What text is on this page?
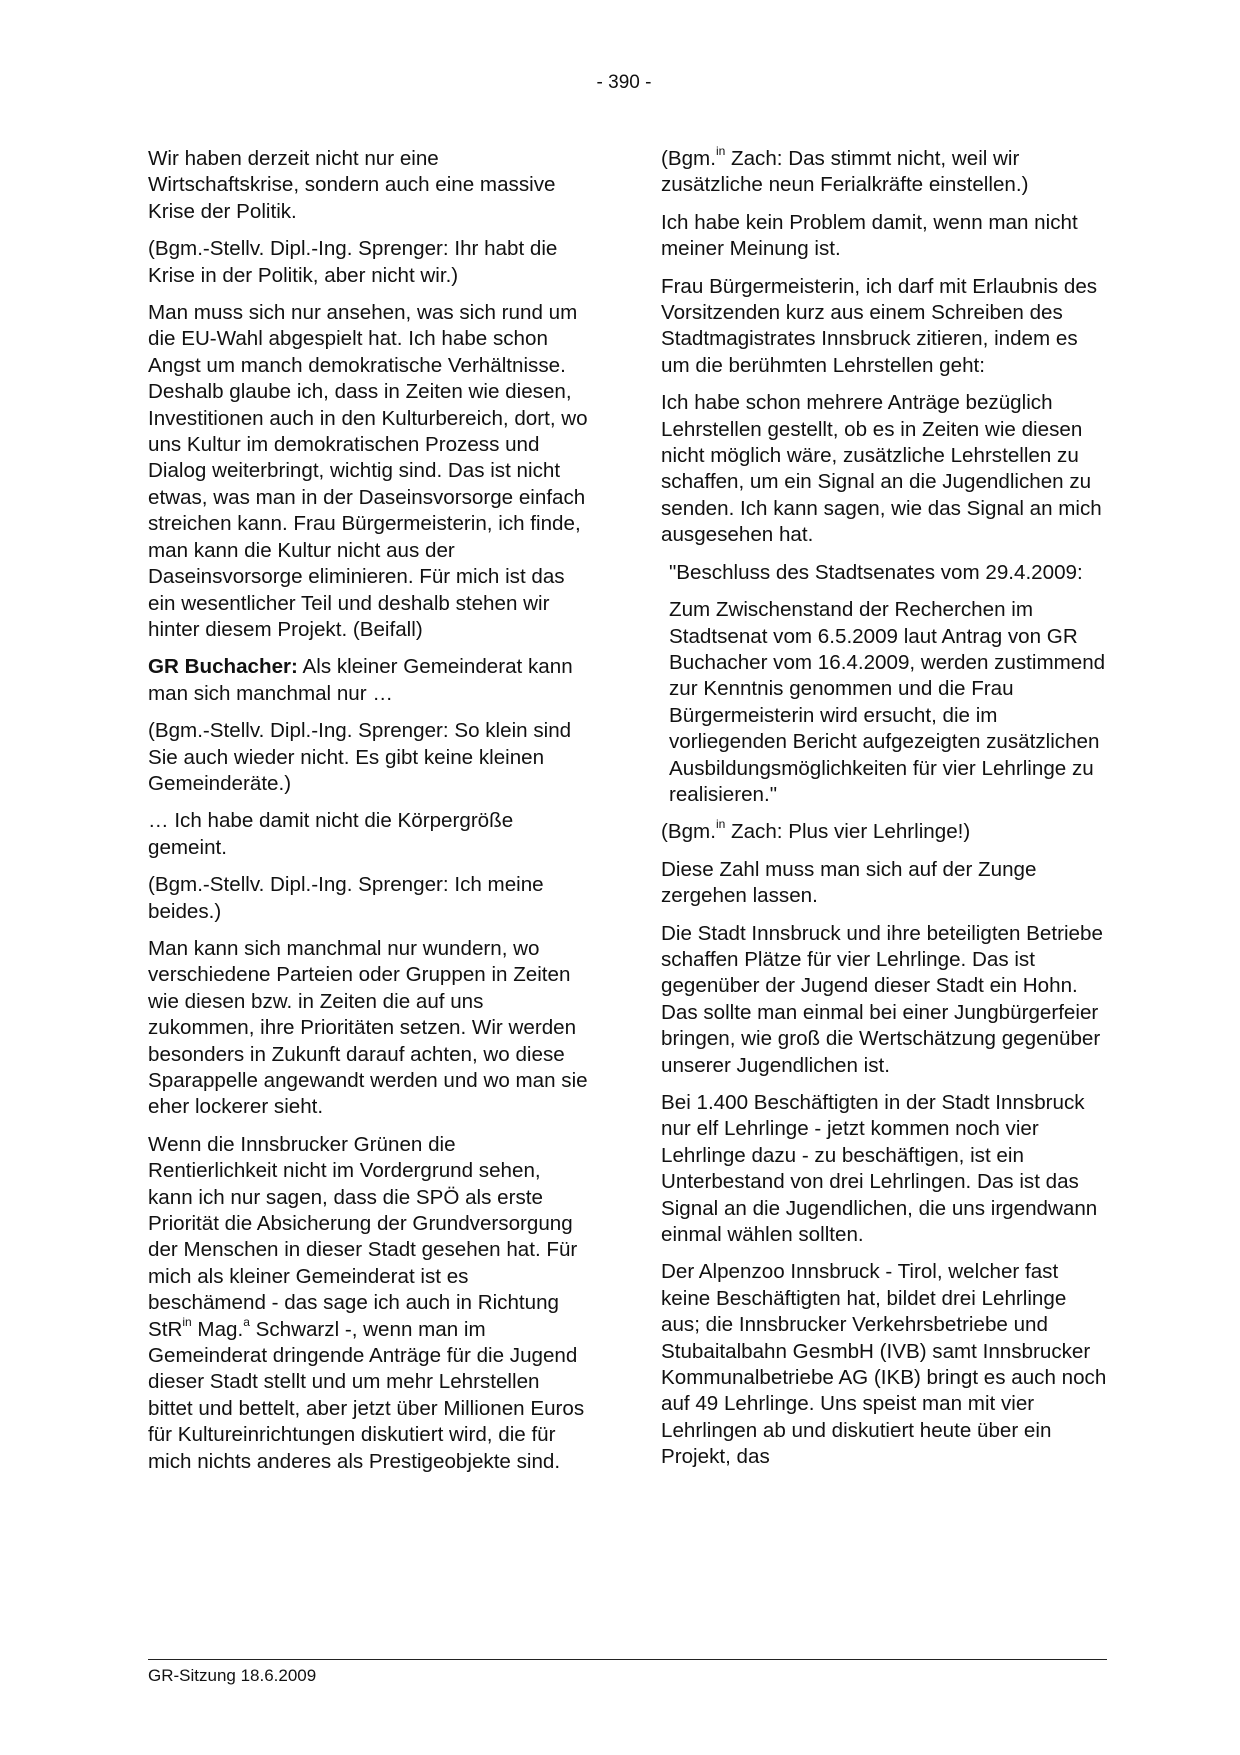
- 390 -

Wir haben derzeit nicht nur eine Wirtschaftskrise, sondern auch eine massive Krise der Politik.

(Bgm.-Stellv. Dipl.-Ing. Sprenger: Ihr habt die Krise in der Politik, aber nicht wir.)

Man muss sich nur ansehen, was sich rund um die EU-Wahl abgespielt hat. Ich habe schon Angst um manch demokratische Verhältnisse. Deshalb glaube ich, dass in Zeiten wie diesen, Investitionen auch in den Kulturbereich, dort, wo uns Kultur im demokratischen Prozess und Dialog weiterbringt, wichtig sind. Das ist nicht etwas, was man in der Daseinsvorsorge einfach streichen kann. Frau Bürgermeisterin, ich finde, man kann die Kultur nicht aus der Daseinsvorsorge eliminieren. Für mich ist das ein wesentlicher Teil und deshalb stehen wir hinter diesem Projekt. (Beifall)

GR Buchacher: Als kleiner Gemeinderat kann man sich manchmal nur …

(Bgm.-Stellv. Dipl.-Ing. Sprenger: So klein sind Sie auch wieder nicht. Es gibt keine kleinen Gemeinderäte.)

… Ich habe damit nicht die Körpergröße gemeint.

(Bgm.-Stellv. Dipl.-Ing. Sprenger: Ich meine beides.)

Man kann sich manchmal nur wundern, wo verschiedene Parteien oder Gruppen in Zeiten wie diesen bzw. in Zeiten die auf uns zukommen, ihre Prioritäten setzen. Wir werden besonders in Zukunft darauf achten, wo diese Sparappelle angewandt werden und wo man sie eher lockerer sieht.

Wenn die Innsbrucker Grünen die Rentierlichkeit nicht im Vordergrund sehen, kann ich nur sagen, dass die SPÖ als erste Priorität die Absicherung der Grundversorgung der Menschen in dieser Stadt gesehen hat. Für mich als kleiner Gemeinderat ist es beschämend - das sage ich auch in Richtung StR$^{in}$ Mag.$^a$ Schwarzl -, wenn man im Gemeinderat dringende Anträge für die Jugend dieser Stadt stellt und um mehr Lehrstellen bittet und bettelt, aber jetzt über Millionen Euros für Kultureinrichtungen diskutiert wird, die für mich nichts anderes als Prestigeobjekte sind.

(Bgm.$^{in}$ Zach: Das stimmt nicht, weil wir zusätzliche neun Ferialkräfte einstellen.)

Ich habe kein Problem damit, wenn man nicht meiner Meinung ist.

Frau Bürgermeisterin, ich darf mit Erlaubnis des Vorsitzenden kurz aus einem Schreiben des Stadtmagistrates Innsbruck zitieren, indem es um die berühmten Lehrstellen geht:

Ich habe schon mehrere Anträge bezüglich Lehrstellen gestellt, ob es in Zeiten wie diesen nicht möglich wäre, zusätzliche Lehrstellen zu schaffen, um ein Signal an die Jugendlichen zu senden. Ich kann sagen, wie das Signal an mich ausgesehen hat.

"Beschluss des Stadtsenates vom 29.4.2009:

Zum Zwischenstand der Recherchen im Stadtsenat vom 6.5.2009 laut Antrag von GR Buchacher vom 16.4.2009, werden zustimmend zur Kenntnis genommen und die Frau Bürgermeisterin wird ersucht, die im vorliegenden Bericht aufgezeigten zusätzlichen Ausbildungsmöglichkeiten für vier Lehrlinge zu realisieren."

(Bgm.$^{in}$ Zach: Plus vier Lehrlinge!)

Diese Zahl muss man sich auf der Zunge zergehen lassen.

Die Stadt Innsbruck und ihre beteiligten Betriebe schaffen Plätze für vier Lehrlinge. Das ist gegenüber der Jugend dieser Stadt ein Hohn. Das sollte man einmal bei einer Jungbürgerfeier bringen, wie groß die Wertschätzung gegenüber unserer Jugendlichen ist.

Bei 1.400 Beschäftigten in der Stadt Innsbruck nur elf Lehrlinge - jetzt kommen noch vier Lehrlinge dazu - zu beschäftigen, ist ein Unterbestand von drei Lehrlingen. Das ist das Signal an die Jugendlichen, die uns irgendwann einmal wählen sollten.

Der Alpenzoo Innsbruck - Tirol, welcher fast keine Beschäftigten hat, bildet drei Lehrlinge aus; die Innsbrucker Verkehrsbetriebe und Stubaitalbahn GesmbH (IVB) samt Innsbrucker Kommunalbetriebe AG (IKB) bringt es auch noch auf 49 Lehrlinge. Uns speist man mit vier Lehrlingen ab und diskutiert heute über ein Projekt, das

GR-Sitzung 18.6.2009
